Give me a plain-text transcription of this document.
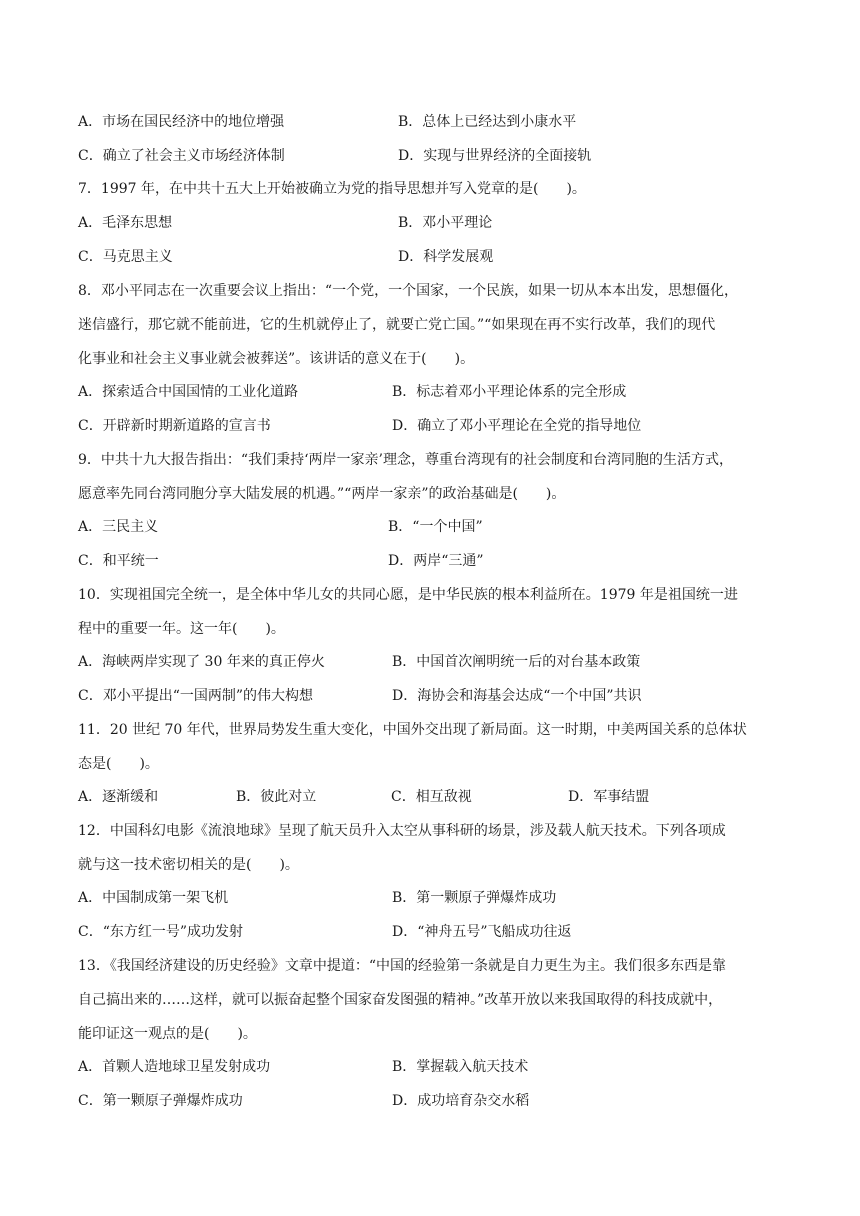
A．市场在国民经济中的地位增强	B．总体上已经达到小康水平
C．确立了社会主义市场经济体制	D．实现与世界经济的全面接轨
7．1997 年，在中共十五大上开始被确立为党的指导思想并写入党章的是(　　)。
A．毛泽东思想	B．邓小平理论
C．马克思主义	D．科学发展观
8．邓小平同志在一次重要会议上指出：“一个党，一个国家，一个民族，如果一切从本本出发，思想僵化，
迷信盛行，那它就不能前进，它的生机就停止了，就要亡党亡国。”“如果现在再不实行改革，我们的现代
化事业和社会主义事业就会被葬送”。该讲话的意义在于(　　)。
A．探索适合中国国情的工业化道路	B．标志着邓小平理论体系的完全形成
C．开辟新时期新道路的宣言书	D．确立了邓小平理论在全党的指导地位
9．中共十九大报告指出：“我们秉持‘两岸一家亲’理念，尊重台湾现有的社会制度和台湾同胞的生活方式，
愿意率先同台湾同胞分享大陆发展的机遇。”“两岸一家亲”的政治基础是(　　)。
A．三民主义	B．“一个中国”
C．和平统一	D．两岸“三通”
10．实现祖国完全统一，是全体中华儿女的共同心愿，是中华民族的根本利益所在。1979 年是祖国统一进
程中的重要一年。这一年(　　)。
A．海峡两岸实现了 30 年来的真正停火	B．中国首次阐明统一后的对台基本政策
C．邓小平提出“一国两制”的伟大构想	D．海协会和海基会达成“一个中国”共识
11．20 世纪 70 年代，世界局势发生重大变化，中国外交出现了新局面。这一时期，中美两国关系的总体状
态是(　　)。
A．逐渐缓和	B．彼此对立	C．相互敌视	D．军事结盟
12．中国科幻电影《流浪地球》呈现了航天员升入太空从事科研的场景，涉及载人航天技术。下列各项成
就与这一技术密切相关的是(　　)。
A．中国制成第一架飞机	B．第一颗原子弹爆炸成功
C．“东方红一号”成功发射	D．“神舟五号”飞船成功往返
13．《我国经济建设的历史经验》文章中提道：“中国的经验第一条就是自力更生为主。我们很多东西是靠
自己搞出来的……这样，就可以振奋起整个国家奋发图强的精神。”改革开放以来我国取得的科技成就中，
能印证这一观点的是(　　)。
A．首颗人造地球卫星发射成功	B．掌握载入航天技术
C．第一颗原子弹爆炸成功	D．成功培育杂交水稻
